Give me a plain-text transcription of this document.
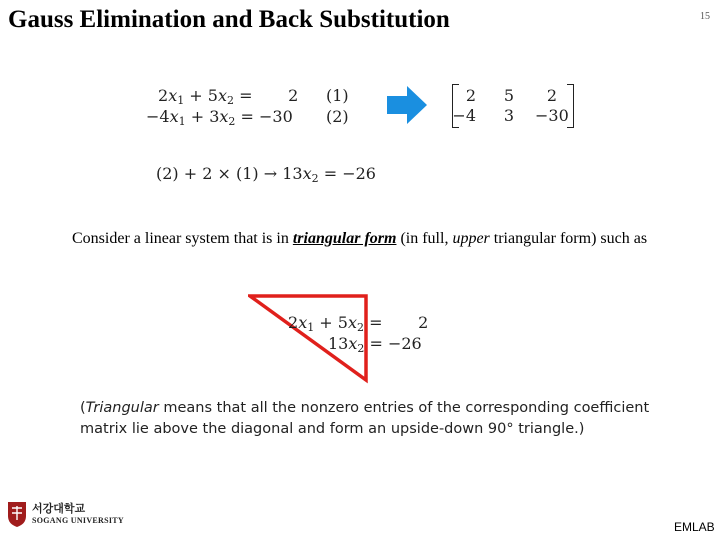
Gauss Elimination and Back Substitution	15
$2x_1 + 5x_2$ =       2 (1)
$-4x_1 + 3x_2 = -30$ (2)
2	5	2
−4	3 −30
$(2) + 2 \times (1) \to 13x_2 = -26$
Consider a linear system that is in triangular form (in full, upper triangular form) such as
$2x_1 + 5x_2$ =       2
$13x_2 = -26$
(Triangular means that all the nonzero entries of the corresponding coefficient matrix lie above the diagonal and form an upside-down 90° triangle.)
서강대학교
SOGANG UNIVERSITY	EMLAB
